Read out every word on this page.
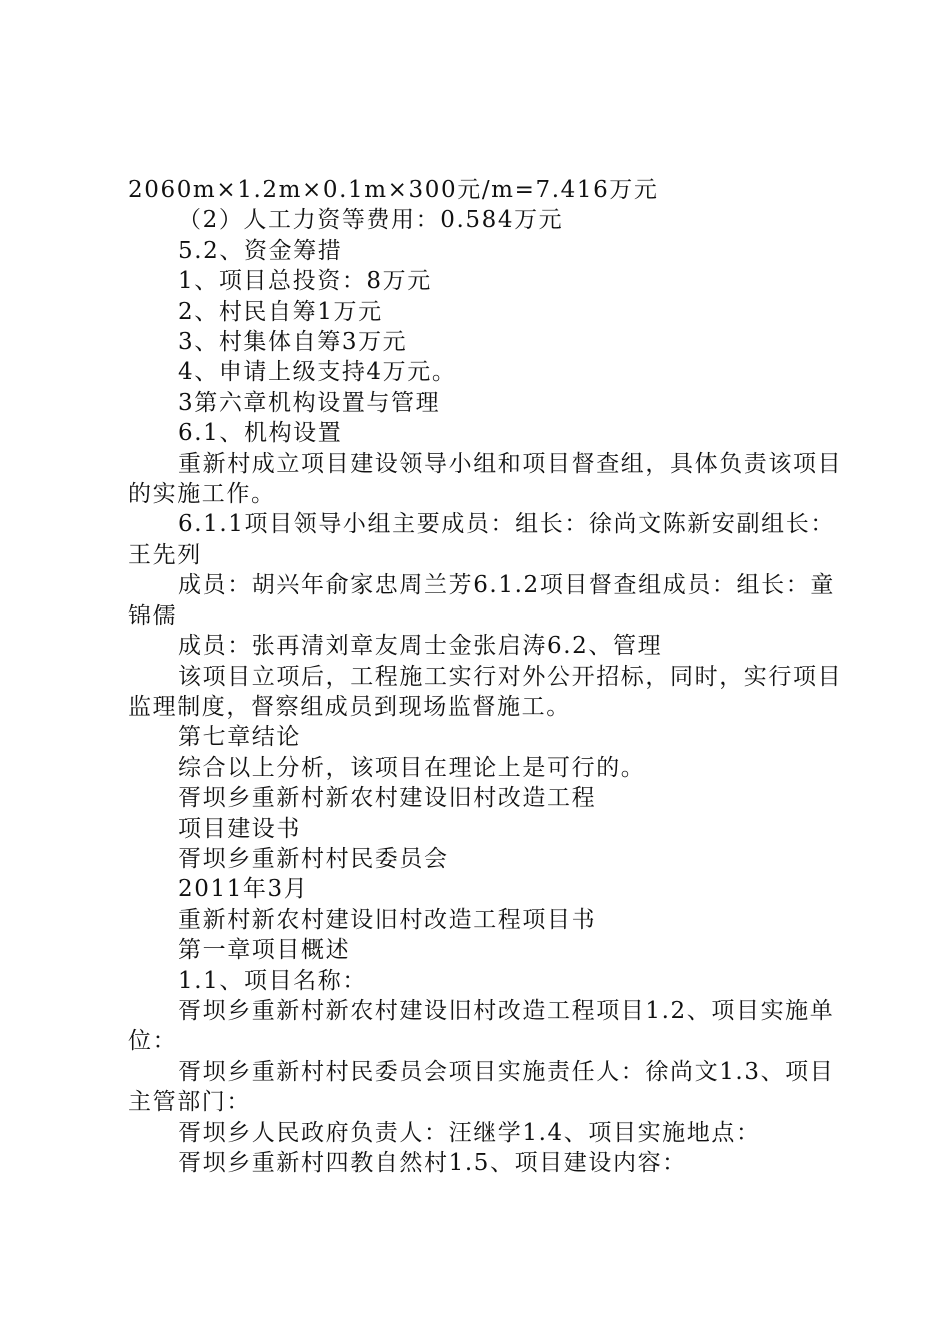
2060m×1.2m×0.1m×300元/m=7.416万元

（2）人工力资等费用：0.584万元

5.2、资金筹措

1、项目总投资：8万元

2、村民自筹1万元

3、村集体自筹3万元

4、申请上级支持4万元。

3第六章机构设置与管理

6.1、机构设置

重新村成立项目建设领导小组和项目督查组，具体负责该项目的实施工作。

6.1.1项目领导小组主要成员：组长：徐尚文陈新安副组长：王先列

成员：胡兴年俞家忠周兰芳6.1.2项目督查组成员：组长：童锦儒

成员：张再清刘章友周士金张启涛6.2、管理

该项目立项后，工程施工实行对外公开招标，同时，实行项目监理制度，督察组成员到现场监督施工。

第七章结论

综合以上分析，该项目在理论上是可行的。

胥坝乡重新村新农村建设旧村改造工程

项目建设书

胥坝乡重新村村民委员会

2011年3月

重新村新农村建设旧村改造工程项目书

第一章项目概述

1.1、项目名称：

胥坝乡重新村新农村建设旧村改造工程项目1.2、项目实施单位：

胥坝乡重新村村民委员会项目实施责任人：徐尚文1.3、项目主管部门：

胥坝乡人民政府负责人：汪继学1.4、项目实施地点：

胥坝乡重新村四教自然村1.5、项目建设内容：
